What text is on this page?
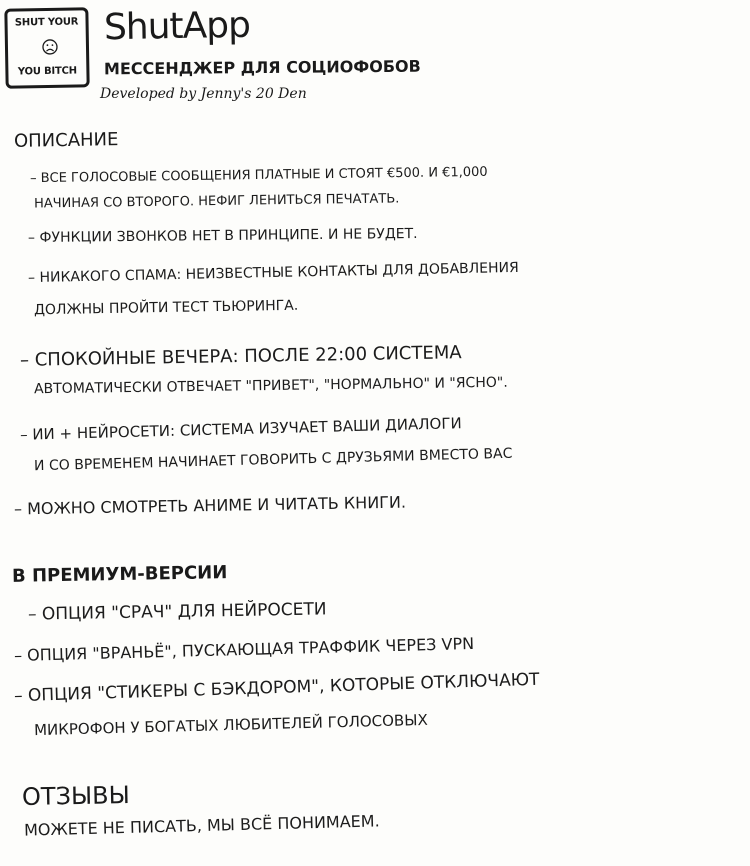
SHUT YOUR
YOU BITCH
ShutApp
МЕССЕНДЖЕР ДЛЯ СОЦИОФОБОВ
Developed by Jenny's 20 Den
ОПИСАНИЕ
– ВСЕ ГОЛОСОВЫЕ СООБЩЕНИЯ ПЛАТНЫЕ И СТОЯТ €500. И €1,000
НАЧИНАЯ СО ВТОРОГО. НЕФИГ ЛЕНИТЬСЯ ПЕЧАТАТЬ.
– ФУНКЦИИ ЗВОНКОВ НЕТ В ПРИНЦИПЕ. И НЕ БУДЕТ.
– НИКАКОГО СПАМА: НЕИЗВЕСТНЫЕ КОНТАКТЫ ДЛЯ ДОБАВЛЕНИЯ
ДОЛЖНЫ ПРОЙТИ ТЕСТ ТЬЮРИНГА.
– СПОКОЙНЫЕ ВЕЧЕРА: ПОСЛЕ 22:00 СИСТЕМА
АВТОМАТИЧЕСКИ ОТВЕЧАЕТ "ПРИВЕТ", "НОРМАЛЬНО" И "ЯСНО".
– ИИ + НЕЙРОСЕТИ: СИСТЕМА ИЗУЧАЕТ ВАШИ ДИАЛОГИ
И СО ВРЕМЕНЕМ НАЧИНАЕТ ГОВОРИТЬ С ДРУЗЬЯМИ ВМЕСТО ВАС
– МОЖНО СМОТРЕТЬ АНИМЕ И ЧИТАТЬ КНИГИ.
В ПРЕМИУМ-ВЕРСИИ
– ОПЦИЯ "СРАЧ" ДЛЯ НЕЙРОСЕТИ
– ОПЦИЯ "ВРАНЬЁ", ПУСКАЮЩАЯ ТРАФФИК ЧЕРЕЗ VPN
– ОПЦИЯ "СТИКЕРЫ С БЭКДОРОМ", КОТОРЫЕ ОТКЛЮЧАЮТ
МИКРОФОН У БОГАТЫХ ЛЮБИТЕЛЕЙ ГОЛОСОВЫХ
ОТЗЫВЫ
МОЖЕТЕ НЕ ПИСАТЬ, МЫ ВСЁ ПОНИМАЕМ.
